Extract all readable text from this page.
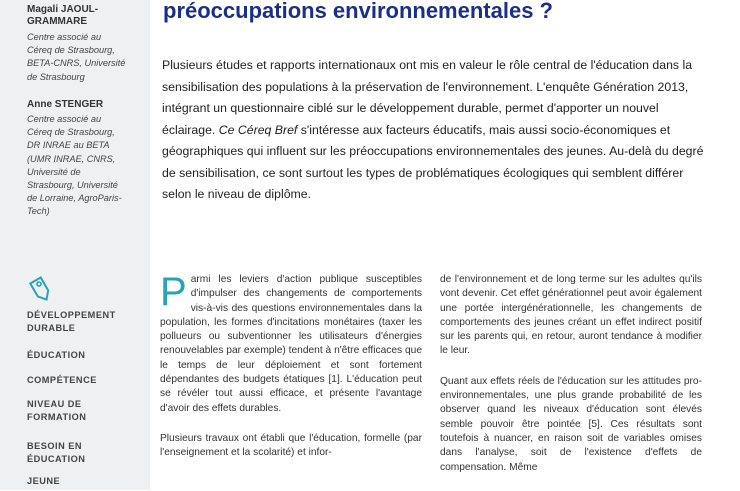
Magali JAOUL-
GRAMMARE
Centre associé au
Céreq de Strasbourg,
BETA-CNRS, Université
de Strasbourg
Anne STENGER
Centre associé au
Céreq de Strasbourg,
DR INRAE au BETA
(UMR INRAE, CNRS,
Université de
Strasbourg, Université
de Lorraine, AgroParis-
Tech)
DÉVELOPPEMENT
DURABLE
ÉDUCATION
COMPÉTENCE
NIVEAU DE
FORMATION
BESOIN EN
ÉDUCATION
JEUNE
préoccupations environnementales ?
Plusieurs études et rapports internationaux ont mis en valeur le rôle central de l'éducation dans la sensibilisation des populations à la préservation de l'environnement. L'enquête Génération 2013, intégrant un questionnaire ciblé sur le développement durable, permet d'apporter un nouvel éclairage. Ce Céreq Bref s'intéresse aux facteurs éducatifs, mais aussi socio-économiques et géographiques qui influent sur les préoccupations environnementales des jeunes. Au-delà du degré de sensibilisation, ce sont surtout les types de problématiques écologiques qui semblent différer selon le niveau de diplôme.

Parmi les leviers d'action publique susceptibles d'impulser des changements de comportements vis-à-vis des questions environnementales dans la population, les formes d'incitations monétaires (taxer les pollueurs ou subventionner les utilisateurs d'énergies renouvelables par exemple) tendent à n'être efficaces que le temps de leur déploiement et sont fortement dépendantes des budgets étatiques [1]. L'éducation peut se révéler tout aussi efficace, et présente l'avantage d'avoir des effets durables.

Plusieurs travaux ont établi que l'éducation, formelle (par l'enseignement et la scolarité) et infor-

de l'environnement et de long terme sur les adultes qu'ils vont devenir. Cet effet générationnel peut avoir également une portée intergénérationnelle, les changements de comportements des jeunes créant un effet indirect positif sur les parents qui, en retour, auront tendance à modifier le leur.

Quant aux effets réels de l'éducation sur les attitudes pro-environnementales, une plus grande probabilité de les observer quand les niveaux d'éducation sont élevés semble pouvoir être pointée [5]. Ces résultats sont toutefois à nuancer, en raison soit de variables omises dans l'analyse, soit de l'existence d'effets de compensation. Même
